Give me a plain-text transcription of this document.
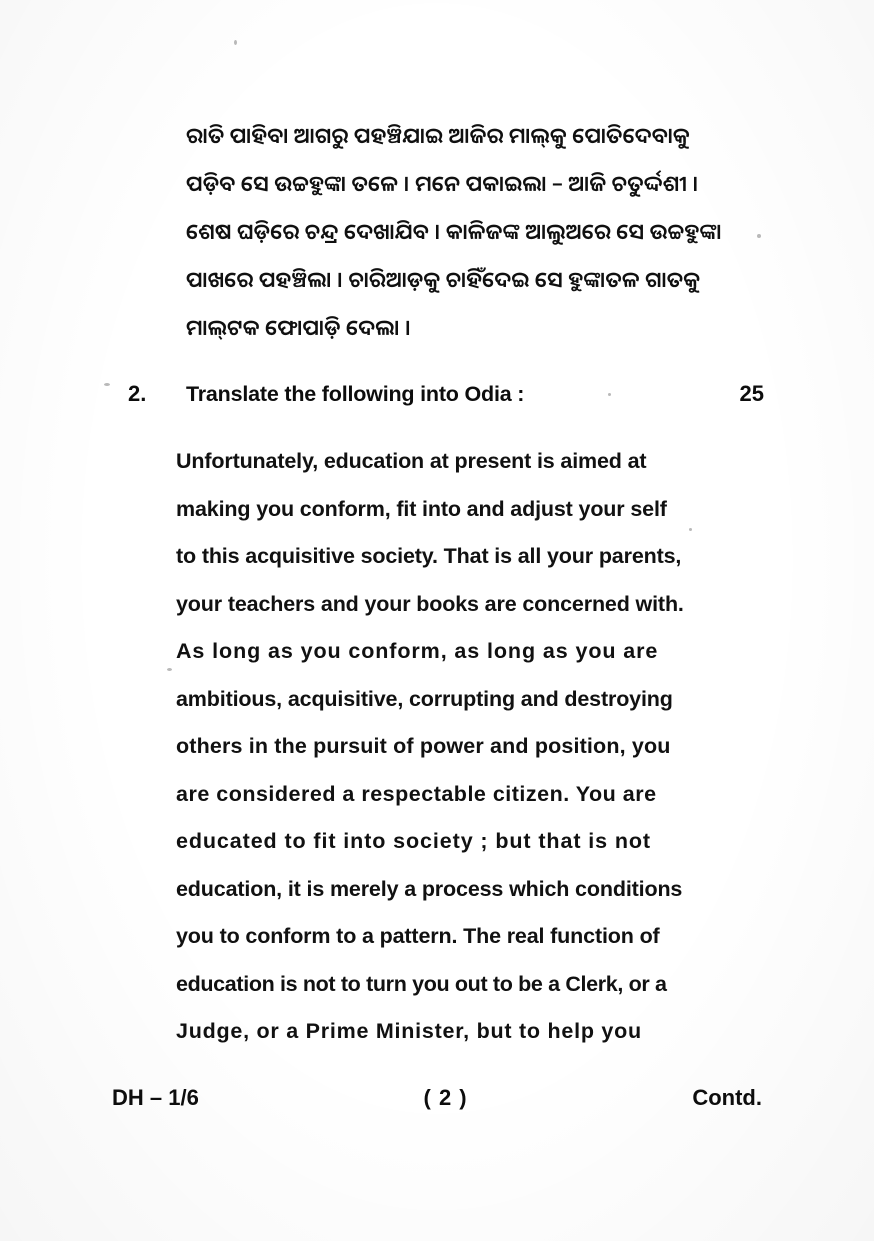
ରାତି ପାହିବା ଆଗରୁ ପହଞ୍ଚିଯାଇ ଆଜିର ମାଲ୍‌କୁ ପୋତିଦେବାକୁ
ପଡ଼ିବ ସେ ଉଚ୍ଚହୁଙ୍କା ତଳେ । ମନେ ପକାଇଲା – ଆଜି ଚତୁର୍ଦ୍ଦଶୀ ।
ଶେଷ ଘଡ଼ିରେ ଚନ୍ଦ୍ର ଦେଖାଯିବ । କାଳିଜଙ୍କ ଆଲୁଅରେ ସେ ଉଚ୍ଚହୁଙ୍କା
ପାଖରେ ପହଞ୍ଚିଲା । ଚାରିଆଡ଼କୁ ଚାହିଁଦେଇ ସେ ହୁଙ୍କାତଳ ଗାତକୁ
ମାଲ୍‌ଟକ ଫୋପାଡ଼ି ଦେଲା ।
2.	Translate the following into Odia :	25
Unfortunately, education at present is aimed at
making you conform, fit into and adjust your self
to this acquisitive society. That is all your parents,
your teachers and your books are concerned with.
As long as you conform, as long as you are
ambitious, acquisitive, corrupting and destroying
others in the pursuit of power and position, you
are considered a respectable citizen. You are
educated to fit into society ; but that is not
education, it is merely a process which conditions
you to conform to a pattern. The real function of
education is not to turn you out to be a Clerk, or a
Judge, or a Prime Minister, but to help you
DH – 1/6	( 2 )	Contd.
